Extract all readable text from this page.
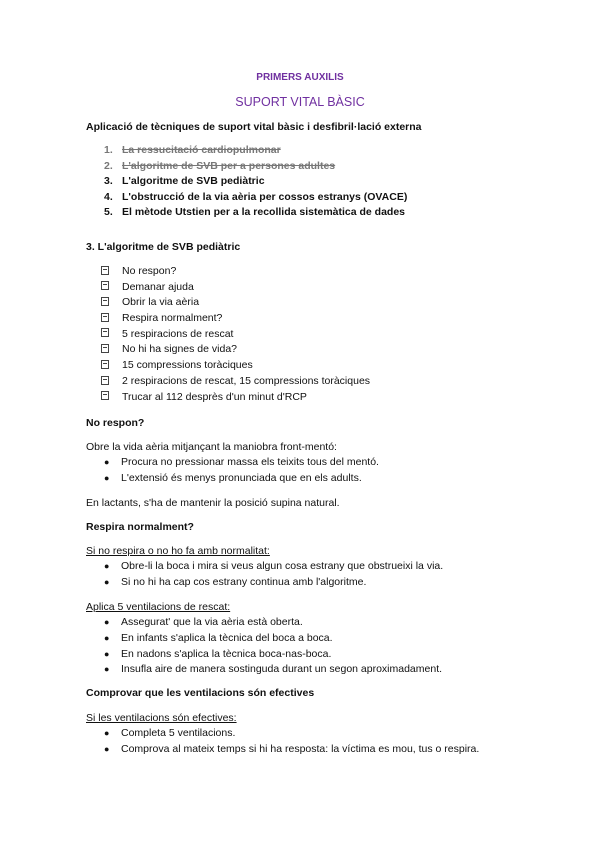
PRIMERS AUXILIS
SUPORT VITAL BÀSIC
Aplicació de tècniques de suport vital bàsic i desfibril·lació externa
1. La ressucitació cardiopulmonar
2. L'algoritme de SVB per a persones adultes
3. L'algoritme de SVB pediàtric
4. L'obstrucció de la via aèria per cossos estranys (OVACE)
5. El mètode Utstien per a la recollida sistemàtica de dades
3. L'algoritme de SVB pediàtric
No respon?
Demanar ajuda
Obrir la via aèria
Respira normalment?
5 respiracions de rescat
No hi ha signes de vida?
15 compressions toràciques
2 respiracions de rescat, 15 compressions toràciques
Trucar al 112 desprès d'un minut d'RCP
No respon?
Obre la vida aèria mitjançant la maniobra front-mentó:
● Procura no pressionar massa els teixits tous del mentó.
● L'extensió és menys pronunciada que en els adults.
En lactants, s'ha de mantenir la posició supina natural.
Respira normalment?
Si no respira o no ho fa amb normalitat:
● Obre-li la boca i mira si veus algun cosa estrany que obstrueixi la via.
● Si no hi ha cap cos estrany continua amb l'algoritme.
Aplica 5 ventilacions de rescat:
● Assegurat' que la via aèria està oberta.
● En infants s'aplica la tècnica del boca a boca.
● En nadons s'aplica la tècnica boca-nas-boca.
● Insufla aire de manera sostinguda durant un segon aproximadament.
Comprovar que les ventilacions són efectives
Si les ventilacions són efectives:
● Completa 5 ventilacions.
● Comprova al mateix temps si hi ha resposta: la víctima es mou, tus o respira.
